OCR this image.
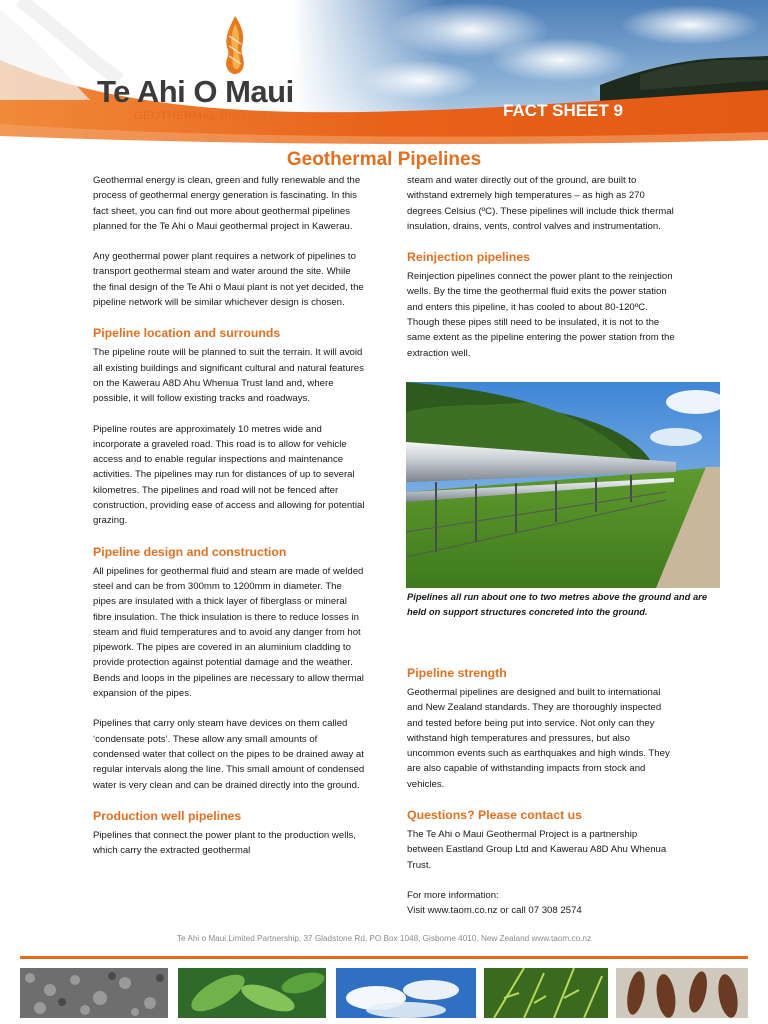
Te Ahi O Maui
GEOTHERMAL PROJECT	FACT SHEET 9
Geothermal Pipelines

Geothermal energy is clean, green and fully renewable and the process of geothermal energy generation is fascinating. In this fact sheet, you can find out more about geothermal pipelines planned for the Te Ahi o Maui geothermal project in Kawerau.

Any geothermal power plant requires a network of pipelines to transport geothermal steam and water around the site. While the final design of the Te Ahi o Maui plant is not yet decided, the pipeline network will be similar whichever design is chosen.

Pipeline location and surrounds

The pipeline route will be planned to suit the terrain. It will avoid all existing buildings and significant cultural and natural features on the Kawerau A8D Ahu Whenua Trust land and, where possible, it will follow existing tracks and roadways.

Pipeline routes are approximately 10 metres wide and incorporate a graveled road. This road is to allow for vehicle access and to enable regular inspections and maintenance activities. The pipelines may run for distances of up to several kilometres. The pipelines and road will not be fenced after construction, providing ease of access and allowing for potential grazing.

Pipeline design and construction

All pipelines for geothermal fluid and steam are made of welded steel and can be from 300mm to 1200mm in diameter. The pipes are insulated with a thick layer of fiberglass or mineral fibre insulation. The thick insulation is there to reduce losses in steam and fluid temperatures and to avoid any danger from hot pipework. The pipes are covered in an aluminium cladding to provide protection against potential damage and the weather. Bends and loops in the pipelines are necessary to allow thermal expansion of the pipes.

Pipelines that carry only steam have devices on them called ‘condensate pots’. These allow any small amounts of condensed water that collect on the pipes to be drained away at regular intervals along the line. This small amount of condensed water is very clean and can be drained directly into the ground.

Production well pipelines

Pipelines that connect the power plant to the production wells, which carry the extracted geothermal

steam and water directly out of the ground, are built to withstand extremely high temperatures – as high as 270 degrees Celsius (ºC). These pipelines will include thick thermal insulation, drains, vents, control valves and instrumentation.

Reinjection pipelines

Reinjection pipelines connect the power plant to the reinjection wells. By the time the geothermal fluid exits the power station and enters this pipeline, it has cooled to about 80-120ºC. Though these pipes still need to be insulated, it is not to the same extent as the pipeline entering the power station from the extraction well.

Pipelines all run about one to two metres above the ground and are held on support structures concreted into the ground.
Pipeline strength

Geothermal pipelines are designed and built to international and New Zealand standards. They are thoroughly inspected and tested before being put into service. Not only can they withstand high temperatures and pressures, but also uncommon events such as earthquakes and high winds. They are also capable of withstanding impacts from stock and vehicles.

Questions? Please contact us

The Te Ahi o Maui Geothermal Project is a partnership between Eastland Group Ltd and Kawerau A8D Ahu Whenua Trust.

For more information:
Visit www.taom.co.nz or call 07 308 2574
Te Ahi o Maui Limited Partnership, 37 Gladstone Rd, PO Box 1048, Gisborne 4010, New Zealand www.taom.co.nz
